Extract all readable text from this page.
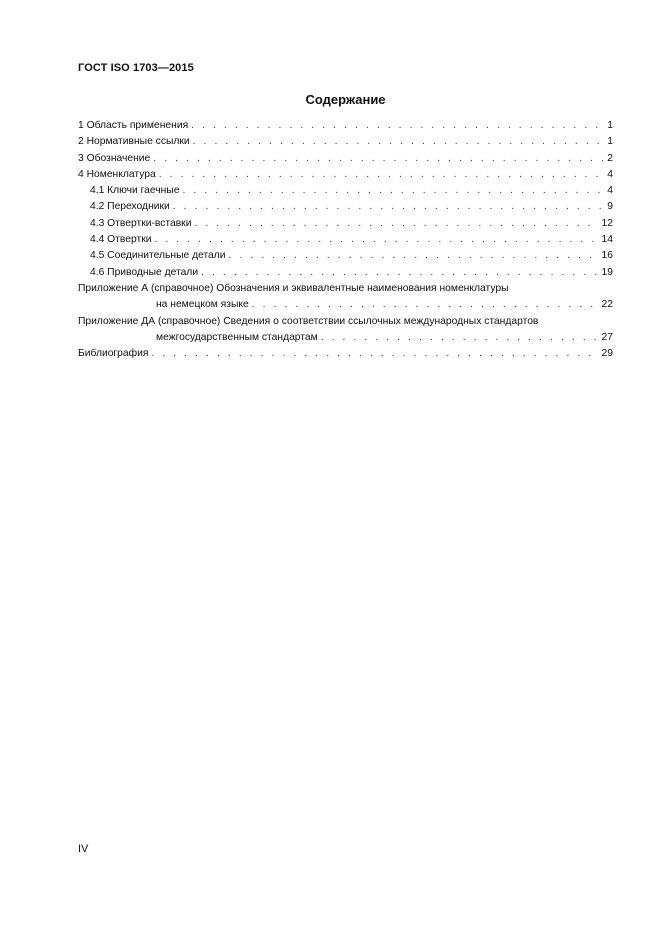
ГОСТ ISO 1703—2015
Содержание
1 Область применения . . .	1
2 Нормативные ссылки . . .	1
3 Обозначение . . .	2
4 Номенклатура . . .	4
4.1 Ключи гаечные . . .	4
4.2 Переходники . . .	9
4.3 Отвертки-вставки . . .	12
4.4 Отвертки . . .	14
4.5 Соединительные детали . . .	16
4.6 Приводные детали . . .	19
Приложение А (справочное) Обозначения и эквивалентные наименования номенклатуры
на немецком языке . . .	22
Приложение ДА (справочное) Сведения о соответствии ссылочных международных стандартов
межгосударственным стандартам . . .	27
Библиография . . .	29
IV
